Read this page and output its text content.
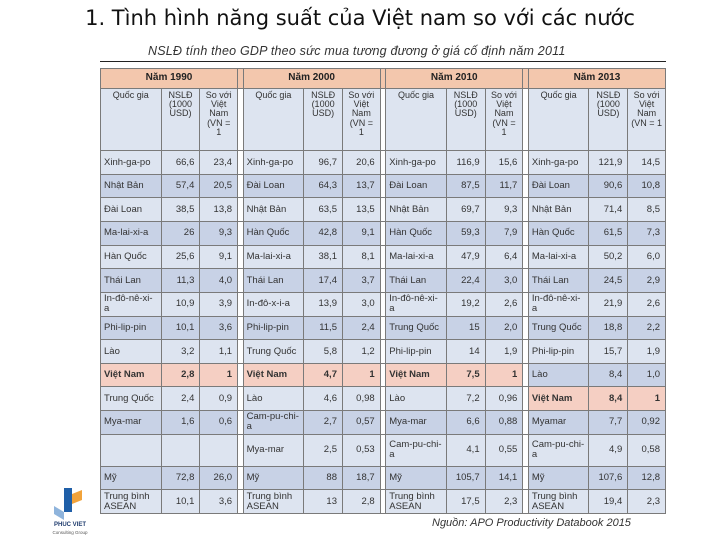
1. Tình hình năng suất của Việt nam so với các nước
NSLĐ tính theo GDP theo sức mua tương đương ở giá cố định năm 2011
Năm 1990				Năm 2000				Năm 2010				Năm 2013		
Quốc gia	NSLĐ (1000 USD)	So với Việt Nam (VN = 1		Quốc gia	NSLĐ (1000 USD)	So với Việt Nam (VN = 1		Quốc gia	NSLĐ (1000 USD)	So với Việt Nam (VN = 1		Quốc gia	NSLĐ (1000 USD)	So với Việt Nam (VN = 1
Xinh-ga-po	66,6	23,4		Xinh-ga-po	96,7	20,6		Xinh-ga-po	116,9	15,6		Xinh-ga-po	121,9	14,5
Nhật Bản	57,4	20,5		Đài Loan	64,3	13,7		Đài Loan	87,5	11,7		Đài Loan	90,6	10,8
Đài Loan	38,5	13,8		Nhật Bản	63,5	13,5		Nhật Bản	69,7	9,3		Nhật Bản	71,4	8,5
Ma-lai-xi-a	26	9,3		Hàn Quốc	42,8	9,1		Hàn Quốc	59,3	7,9		Hàn Quốc	61,5	7,3
Hàn Quốc	25,6	9,1		Ma-lai-xi-a	38,1	8,1		Ma-lai-xi-a	47,9	6,4		Ma-lai-xi-a	50,2	6,0
Thái Lan	11,3	4,0		Thái Lan	17,4	3,7		Thái Lan	22,4	3,0		Thái Lan	24,5	2,9
In-đô-nê-xi-a	10,9	3,9		In-đô-x-i-a	13,9	3,0		In-đô-nê-xi-a	19,2	2,6		In-đô-nê-xi-a	21,9	2,6
Phi-lip-pin	10,1	3,6		Phi-lip-pin	11,5	2,4		Trung Quốc	15	2,0		Trung Quốc	18,8	2,2
Lào	3,2	1,1		Trung Quốc	5,8	1,2		Phi-lip-pin	14	1,9		Phi-lip-pin	15,7	1,9
Việt Nam	2,8	1		Việt Nam	4,7	1		Việt Nam	7,5	1		Lào	8,4	1,0
Trung Quốc	2,4	0,9		Lào	4,6	0,98		Lào	7,2	0,96		Việt Nam	8,4	1
Mya-mar	1,6	0,6		Cam-pu-chi-a	2,7	0,57		Mya-mar	6,6	0,88		Myamar	7,7	0,92
				Mya-mar	2,5	0,53		Cam-pu-chi-a	4,1	0,55		Cam-pu-chi-a	4,9	0,58
Mỹ	72,8	26,0		Mỹ	88	18,7		Mỹ	105,7	14,1		Mỹ	107,6	12,8
Trung bình ASEAN	10,1	3,6		Trung bình ASEAN	13	2,8		Trung bình ASEAN	17,5	2,3		Trung bình ASEAN	19,4	2,3
Nguồn: APO Productivity Databook 2015
PHUC VIET
Consulting Group
